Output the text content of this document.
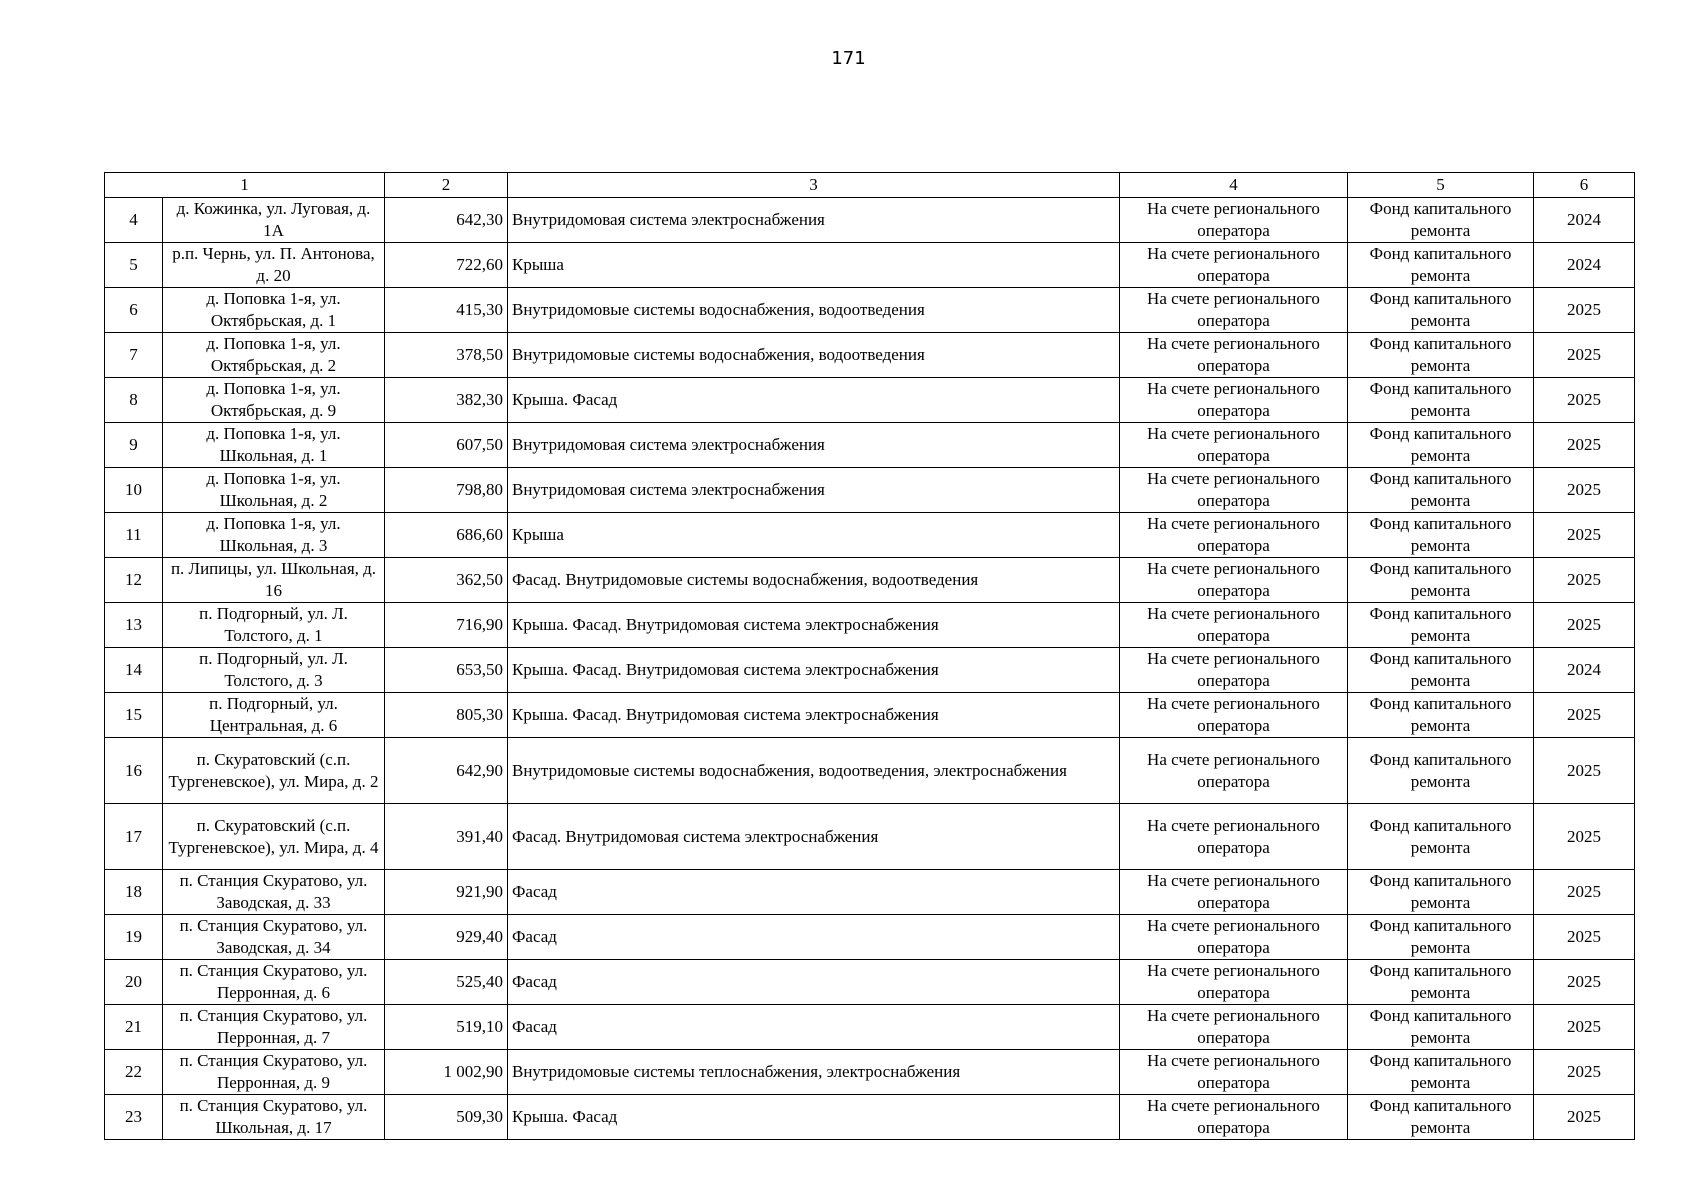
171
1		2	3	4	5	6
4	д. Кожинка, ул. Луговая, д. 1А	642,30	Внутридомовая система электроснабжения	На счете регионального оператора	Фонд капитального ремонта	2024
5	р.п. Чернь, ул. П. Антонова, д. 20	722,60	Крыша	На счете регионального оператора	Фонд капитального ремонта	2024
6	д. Поповка 1-я, ул. Октябрьская, д. 1	415,30	Внутридомовые системы водоснабжения, водоотведения	На счете регионального оператора	Фонд капитального ремонта	2025
7	д. Поповка 1-я, ул. Октябрьская, д. 2	378,50	Внутридомовые системы водоснабжения, водоотведения	На счете регионального оператора	Фонд капитального ремонта	2025
8	д. Поповка 1-я, ул. Октябрьская, д. 9	382,30	Крыша. Фасад	На счете регионального оператора	Фонд капитального ремонта	2025
9	д. Поповка 1-я, ул. Школьная, д. 1	607,50	Внутридомовая система электроснабжения	На счете регионального оператора	Фонд капитального ремонта	2025
10	д. Поповка 1-я, ул. Школьная, д. 2	798,80	Внутридомовая система электроснабжения	На счете регионального оператора	Фонд капитального ремонта	2025
11	д. Поповка 1-я, ул. Школьная, д. 3	686,60	Крыша	На счете регионального оператора	Фонд капитального ремонта	2025
12	п. Липицы, ул. Школьная, д. 16	362,50	Фасад. Внутридомовые системы водоснабжения, водоотведения	На счете регионального оператора	Фонд капитального ремонта	2025
13	п. Подгорный, ул. Л. Толстого, д. 1	716,90	Крыша. Фасад. Внутридомовая система электроснабжения	На счете регионального оператора	Фонд капитального ремонта	2025
14	п. Подгорный, ул. Л. Толстого, д. 3	653,50	Крыша. Фасад. Внутридомовая система электроснабжения	На счете регионального оператора	Фонд капитального ремонта	2024
15	п. Подгорный, ул. Центральная, д. 6	805,30	Крыша. Фасад. Внутридомовая система электроснабжения	На счете регионального оператора	Фонд капитального ремонта	2025
16	п. Скуратовский (с.п. Тургеневское), ул. Мира, д. 2	642,90	Внутридомовые системы водоснабжения, водоотведения, электроснабжения	На счете регионального оператора	Фонд капитального ремонта	2025
17	п. Скуратовский (с.п. Тургеневское), ул. Мира, д. 4	391,40	Фасад. Внутридомовая система электроснабжения	На счете регионального оператора	Фонд капитального ремонта	2025
18	п. Станция Скуратово, ул. Заводская, д. 33	921,90	Фасад	На счете регионального оператора	Фонд капитального ремонта	2025
19	п. Станция Скуратово, ул. Заводская, д. 34	929,40	Фасад	На счете регионального оператора	Фонд капитального ремонта	2025
20	п. Станция Скуратово, ул. Перронная, д. 6	525,40	Фасад	На счете регионального оператора	Фонд капитального ремонта	2025
21	п. Станция Скуратово, ул. Перронная, д. 7	519,10	Фасад	На счете регионального оператора	Фонд капитального ремонта	2025
22	п. Станция Скуратово, ул. Перронная, д. 9	1 002,90	Внутридомовые системы теплоснабжения, электроснабжения	На счете регионального оператора	Фонд капитального ремонта	2025
23	п. Станция Скуратово, ул. Школьная, д. 17	509,30	Крыша. Фасад	На счете регионального оператора	Фонд капитального ремонта	2025
